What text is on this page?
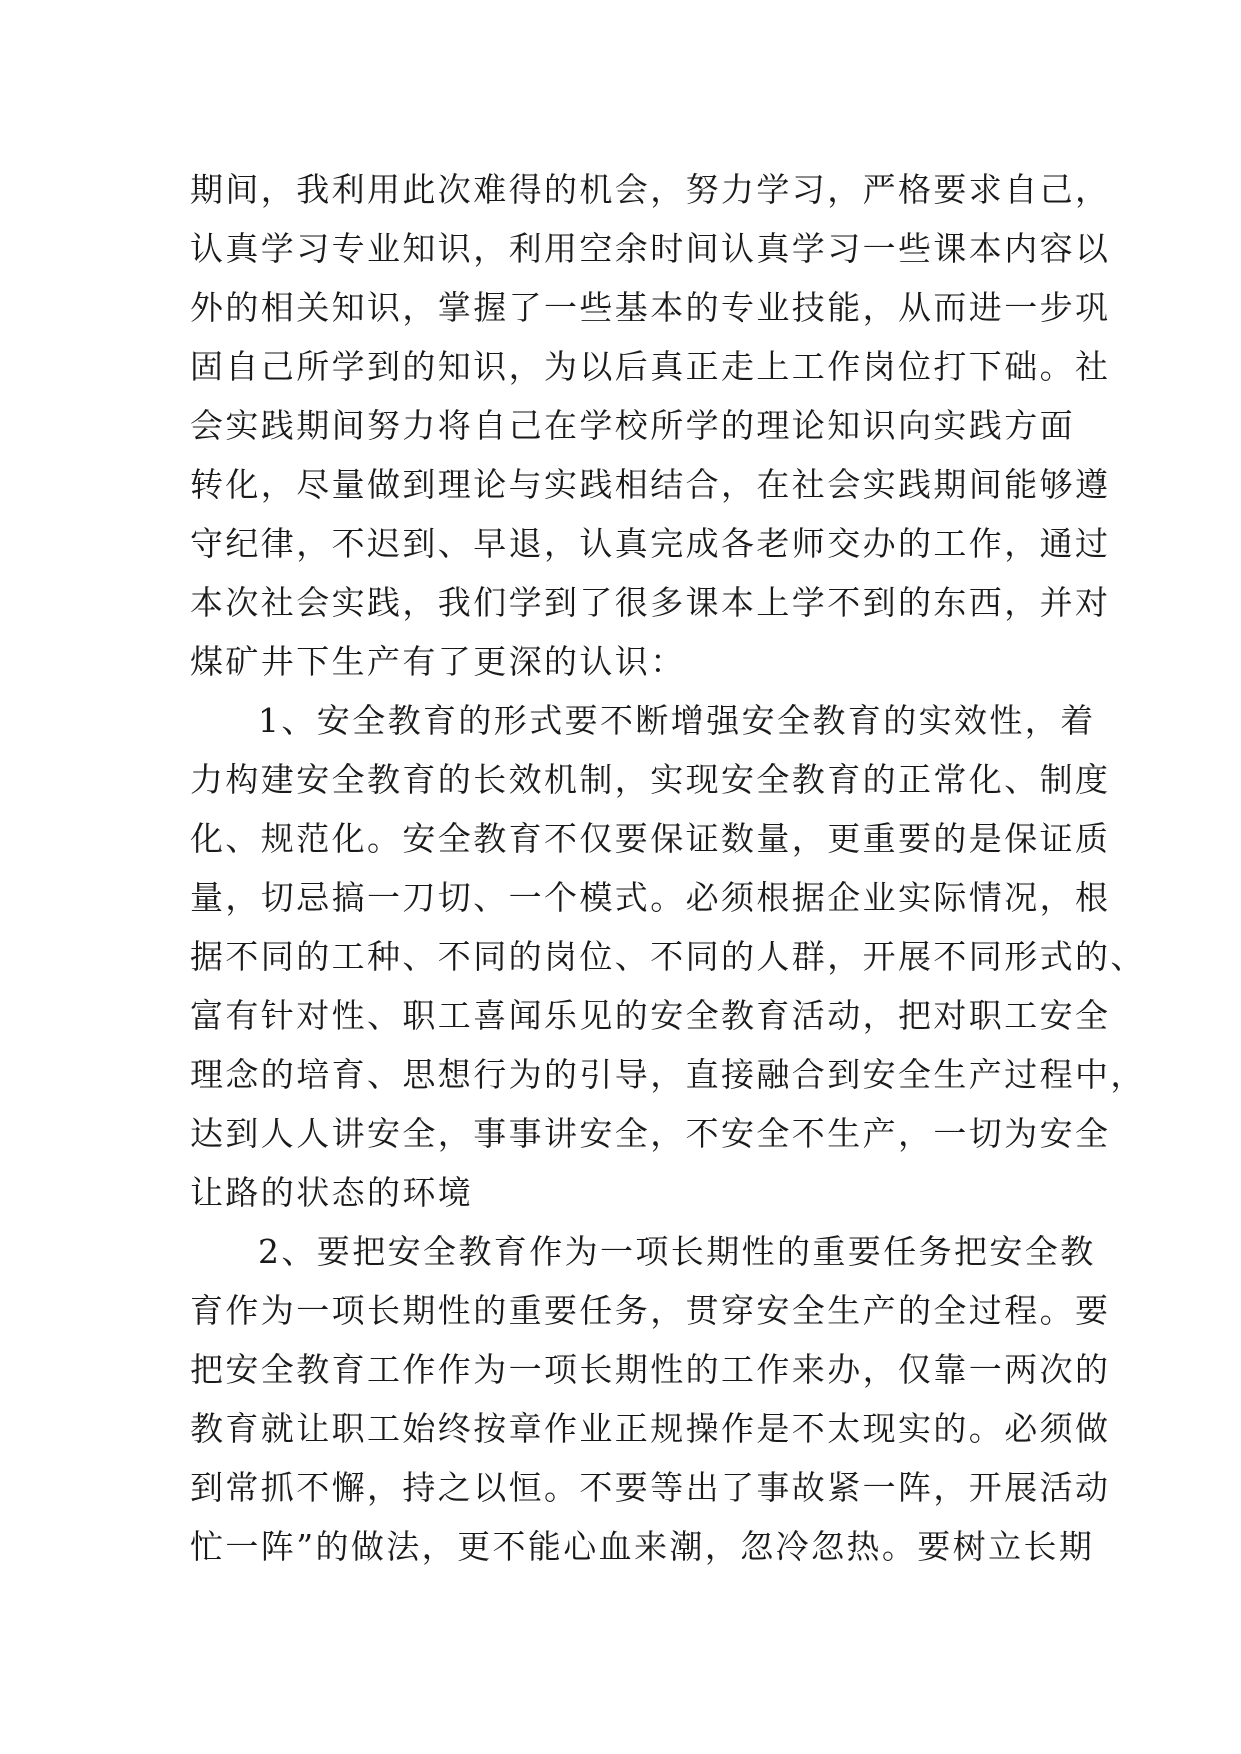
期间，我利用此次难得的机会，努力学习，严格要求自己，
认真学习专业知识，利用空余时间认真学习一些课本内容以
外的相关知识，掌握了一些基本的专业技能，从而进一步巩
固自己所学到的知识，为以后真正走上工作岗位打下础。社
会实践期间努力将自己在学校所学的理论知识向实践方面
转化，尽量做到理论与实践相结合，在社会实践期间能够遵
守纪律，不迟到、早退，认真完成各老师交办的工作，通过
本次社会实践，我们学到了很多课本上学不到的东西，并对
煤矿井下生产有了更深的认识：
1、安全教育的形式要不断增强安全教育的实效性，着
力构建安全教育的长效机制，实现安全教育的正常化、制度
化、规范化。安全教育不仅要保证数量，更重要的是保证质
量，切忌搞一刀切、一个模式。必须根据企业实际情况，根
据不同的工种、不同的岗位、不同的人群，开展不同形式的、
富有针对性、职工喜闻乐见的安全教育活动，把对职工安全
理念的培育、思想行为的引导，直接融合到安全生产过程中，
达到人人讲安全，事事讲安全，不安全不生产，一切为安全
让路的状态的环境
2、要把安全教育作为一项长期性的重要任务把安全教
育作为一项长期性的重要任务，贯穿安全生产的全过程。要
把安全教育工作作为一项长期性的工作来办，仅靠一两次的
教育就让职工始终按章作业正规操作是不太现实的。必须做
到常抓不懈，持之以恒。不要等出了事故紧一阵，开展活动
忙一阵”的做法，更不能心血来潮，忽冷忽热。要树立长期
